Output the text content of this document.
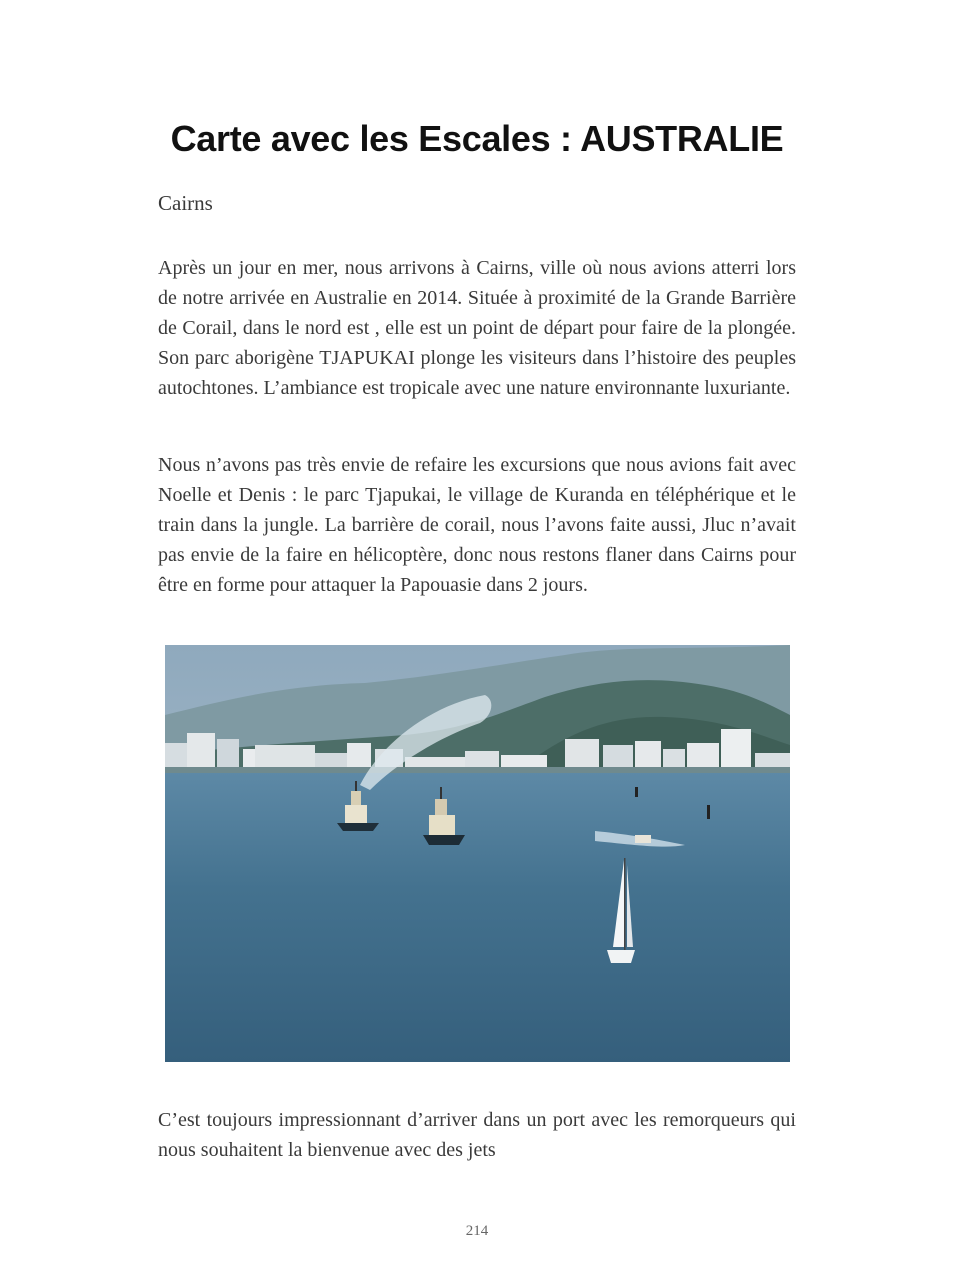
Carte avec les Escales : AUSTRALIE
Cairns

Après un jour en mer, nous arrivons à Cairns, ville où nous avions atterri lors de notre arrivée en Australie en 2014. Située à proximité de la Grande Barrière de Corail, dans le nord est , elle est un point de départ pour faire de la plongée. Son parc aborigène TJAPUKAI plonge les visiteurs dans l’histoire des peuples autochtones. L’ambiance est tropicale avec une nature environnante luxuriante.

Nous n’avons pas très envie de refaire les excursions que nous avions fait avec Noelle et Denis : le parc Tjapukai, le village de Kuranda en téléphérique et le train dans la jungle. La barrière de corail, nous l’avons faite aussi, Jluc n’avait pas envie de la faire en hélicoptère, donc nous restons flaner dans Cairns pour être en forme pour attaquer la Papouasie dans 2 jours.

C’est toujours impressionnant d’arriver dans un port avec les remorqueurs qui nous souhaitent la bienvenue avec des jets

214
